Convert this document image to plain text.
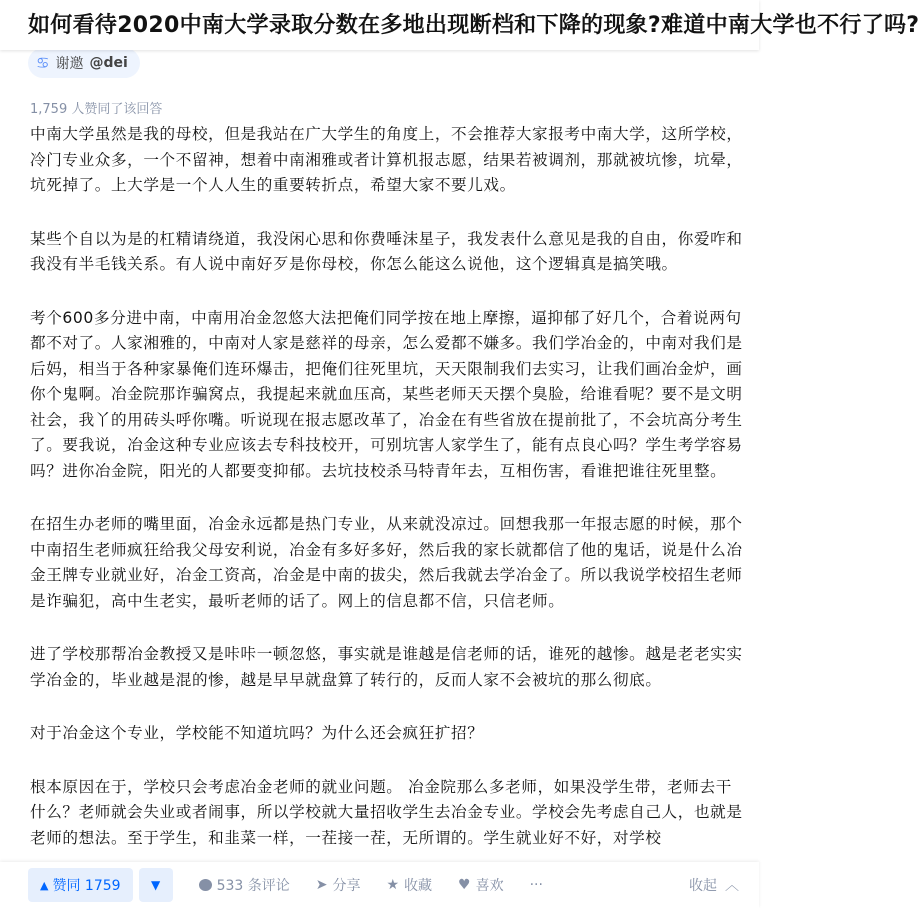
如何看待2020中南大学录取分数在多地出现断档和下降的现象?难道中南大学也不行了吗?
♋ 谢邀 @dei
1,759 人赞同了该回答

中南大学虽然是我的母校，但是我站在广大学生的角度上，不会推荐大家报考中南大学，这所学校，冷门专业众多，一个不留神，想着中南湘雅或者计算机报志愿，结果若被调剂，那就被坑惨，坑晕，坑死掉了。上大学是一个人人生的重要转折点，希望大家不要儿戏。

某些个自以为是的杠精请绕道，我没闲心思和你费唾沫星子，我发表什么意见是我的自由，你爱咋和我没有半毛钱关系。有人说中南好歹是你母校，你怎么能这么说他，这个逻辑真是搞笑哦。

考个600多分进中南，中南用冶金忽悠大法把俺们同学按在地上摩擦，逼抑郁了好几个，合着说两句都不对了。人家湘雅的，中南对人家是慈祥的母亲，怎么爱都不嫌多。我们学冶金的，中南对我们是后妈，相当于各种家暴俺们连环爆击，把俺们往死里坑，天天限制我们去实习，让我们画冶金炉，画你个鬼啊。冶金院那诈骗窝点，我提起来就血压高，某些老师天天摆个臭脸，给谁看呢？要不是文明社会，我丫的用砖头呼你嘴。听说现在报志愿改革了，冶金在有些省放在提前批了，不会坑高分考生了。要我说，冶金这种专业应该去专科技校开，可别坑害人家学生了，能有点良心吗？学生考学容易吗？进你冶金院，阳光的人都要变抑郁。去坑技校杀马特青年去，互相伤害，看谁把谁往死里整。

在招生办老师的嘴里面，冶金永远都是热门专业，从来就没凉过。回想我那一年报志愿的时候，那个中南招生老师疯狂给我父母安利说，冶金有多好多好，然后我的家长就都信了他的鬼话，说是什么冶金王牌专业就业好，冶金工资高，冶金是中南的拔尖，然后我就去学冶金了。所以我说学校招生老师是诈骗犯，高中生老实，最听老师的话了。网上的信息都不信，只信老师。

进了学校那帮冶金教授又是咔咔一顿忽悠，事实就是谁越是信老师的话，谁死的越惨。越是老老实实学冶金的，毕业越是混的惨，越是早早就盘算了转行的，反而人家不会被坑的那么彻底。

对于冶金这个专业，学校能不知道坑吗？为什么还会疯狂扩招？

根本原因在于，学校只会考虑冶金老师的就业问题。 冶金院那么多老师，如果没学生带，老师去干什么？老师就会失业或者闹事，所以学校就大量招收学生去冶金专业。学校会先考虑自己人，也就是老师的想法。至于学生，和韭菜一样，一茬接一茬，无所谓的。学生就业好不好，对学校

▲ 赞同 1759	▼	533 条评论 ➤ 分享 ★ 收藏 ♥ 喜欢 ···	收起 ︿
